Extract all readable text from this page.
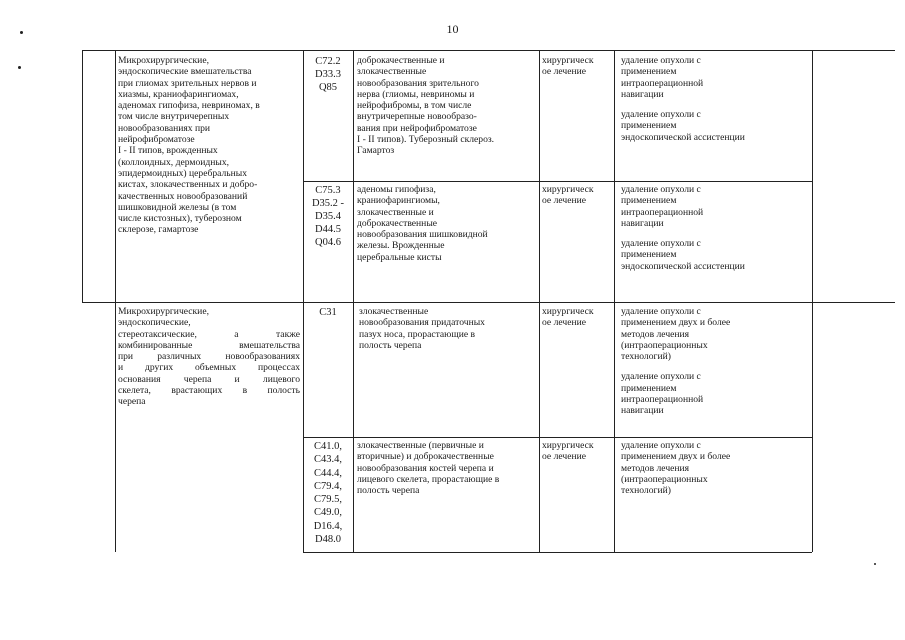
10
Микрохирургические,
эндоскопические вмешательства
при глиомах зрительных нервов и
хиазмы, краниофарингиомах,
аденомах гипофиза, невриномах, в
том числе внутричерепных
новообразованиях при
нейрофиброматозе
I - II типов, врожденных
(коллоидных, дермоидных,
эпидермоидных) церебральных
кистах, злокачественных и добро-
качественных новообразований
шишковидной железы (в том
числе кистозных), туберозном
склерозе, гамартозе
C72.2
D33.3
Q85
доброкачественные и
злокачественные
новообразования зрительного
нерва (глиомы, невриномы и
нейрофибромы, в том числе
внутричерепные новообразо-
вания при нейрофиброматозе
I - II типов). Туберозный склероз.
Гамартоз
хирургическ
ое лечение
удаление опухоли с
применением
интраоперационной
навигации
удаление опухоли с
применением
эндоскопической ассистенции
C75.3
D35.2 -
D35.4
D44.5
Q04.6
аденомы гипофиза,
краниофарингиомы,
злокачественные и
доброкачественные
новообразования шишковидной
железы. Врожденные
церебральные кисты
хирургическ
ое лечение
удаление опухоли с
применением
интраоперационной
навигации
удаление опухоли с
применением
эндоскопической ассистенции
Микрохирургические,
эндоскопические,
стереотаксические, а также
комбинированные вмешательства
при различных новообразованиях
и других объемных процессах
основания черепа и лицевого
скелета, врастающих в полость
черепа
C31	злокачественные
новообразования придаточных
пазух носа, прорастающие в
полость черепа
хирургическ
ое лечение
удаление опухоли с
применением двух и более
методов лечения
(интраоперационных
технологий)
удаление опухоли с
применением
интраоперационной
навигации
C41.0,
C43.4,
C44.4,
C79.4,
C79.5,
C49.0,
D16.4,
D48.0
злокачественные (первичные и
вторичные) и доброкачественные
новообразования костей черепа и
лицевого скелета, прорастающие в
полость черепа
хирургическ
ое лечение
удаление опухоли с
применением двух и более
методов лечения
(интраоперационных
технологий)
